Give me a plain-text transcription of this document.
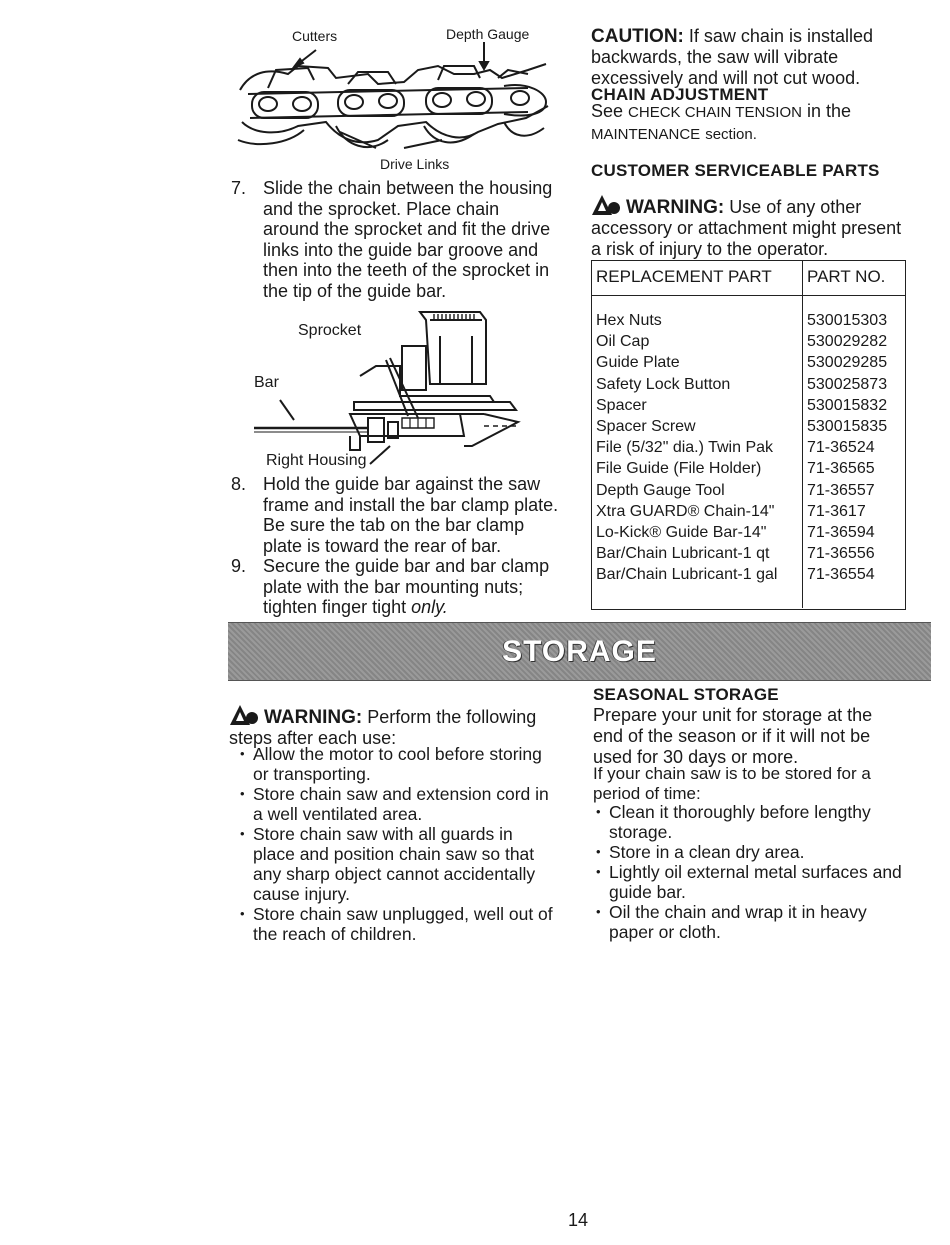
Cutters	Depth Gauge
Drive Links
7. Slide the chain between the housing and the sprocket. Place chain around the sprocket and fit the drive links into the guide bar groove and then into the teeth of the sprocket in the tip of the guide bar.
Sprocket
Bar
Right Housing
8. Hold the guide bar against the saw frame and install the bar clamp plate. Be sure the tab on the bar clamp plate is toward the rear of bar.
9. Secure the guide bar and bar clamp plate with the bar mounting nuts; tighten finger tight only.
CAUTION: If saw chain is installed backwards, the saw will vibrate excessively and will not cut wood.
CHAIN ADJUSTMENT
See CHECK CHAIN TENSION in the MAINTENANCE section.
CUSTOMER SERVICEABLE PARTS
WARNING: Use of any other accessory or attachment might present a risk of injury to the operator.
REPLACEMENT PART	PART NO.
Hex Nuts
Oil Cap
Guide Plate
Safety Lock Button
Spacer
Spacer Screw
File (5/32" dia.) Twin Pak
File Guide (File Holder)
Depth Gauge Tool
Xtra GUARD® Chain-14"
Lo-Kick® Guide Bar-14"
Bar/Chain Lubricant-1 qt
Bar/Chain Lubricant-1 gal
530015303
530029282
530029285
530025873
530015832
530015835
71-36524
71-36565
71-36557
71-3617
71-36594
71-36556
71-36554
STORAGE
WARNING: Perform the following steps after each use:
• Allow the motor to cool before storing or transporting.
• Store chain saw and extension cord in a well ventilated area.
• Store chain saw with all guards in place and position chain saw so that any sharp object cannot accidentally cause injury.
• Store chain saw unplugged, well out of the reach of children.
SEASONAL STORAGE
Prepare your unit for storage at the end of the season or if it will not be used for 30 days or more.
If your chain saw is to be stored for a period of time:
• Clean it thoroughly before lengthy storage.
• Store in a clean dry area.
• Lightly oil external metal surfaces and guide bar.
• Oil the chain and wrap it in heavy paper or cloth.
14
